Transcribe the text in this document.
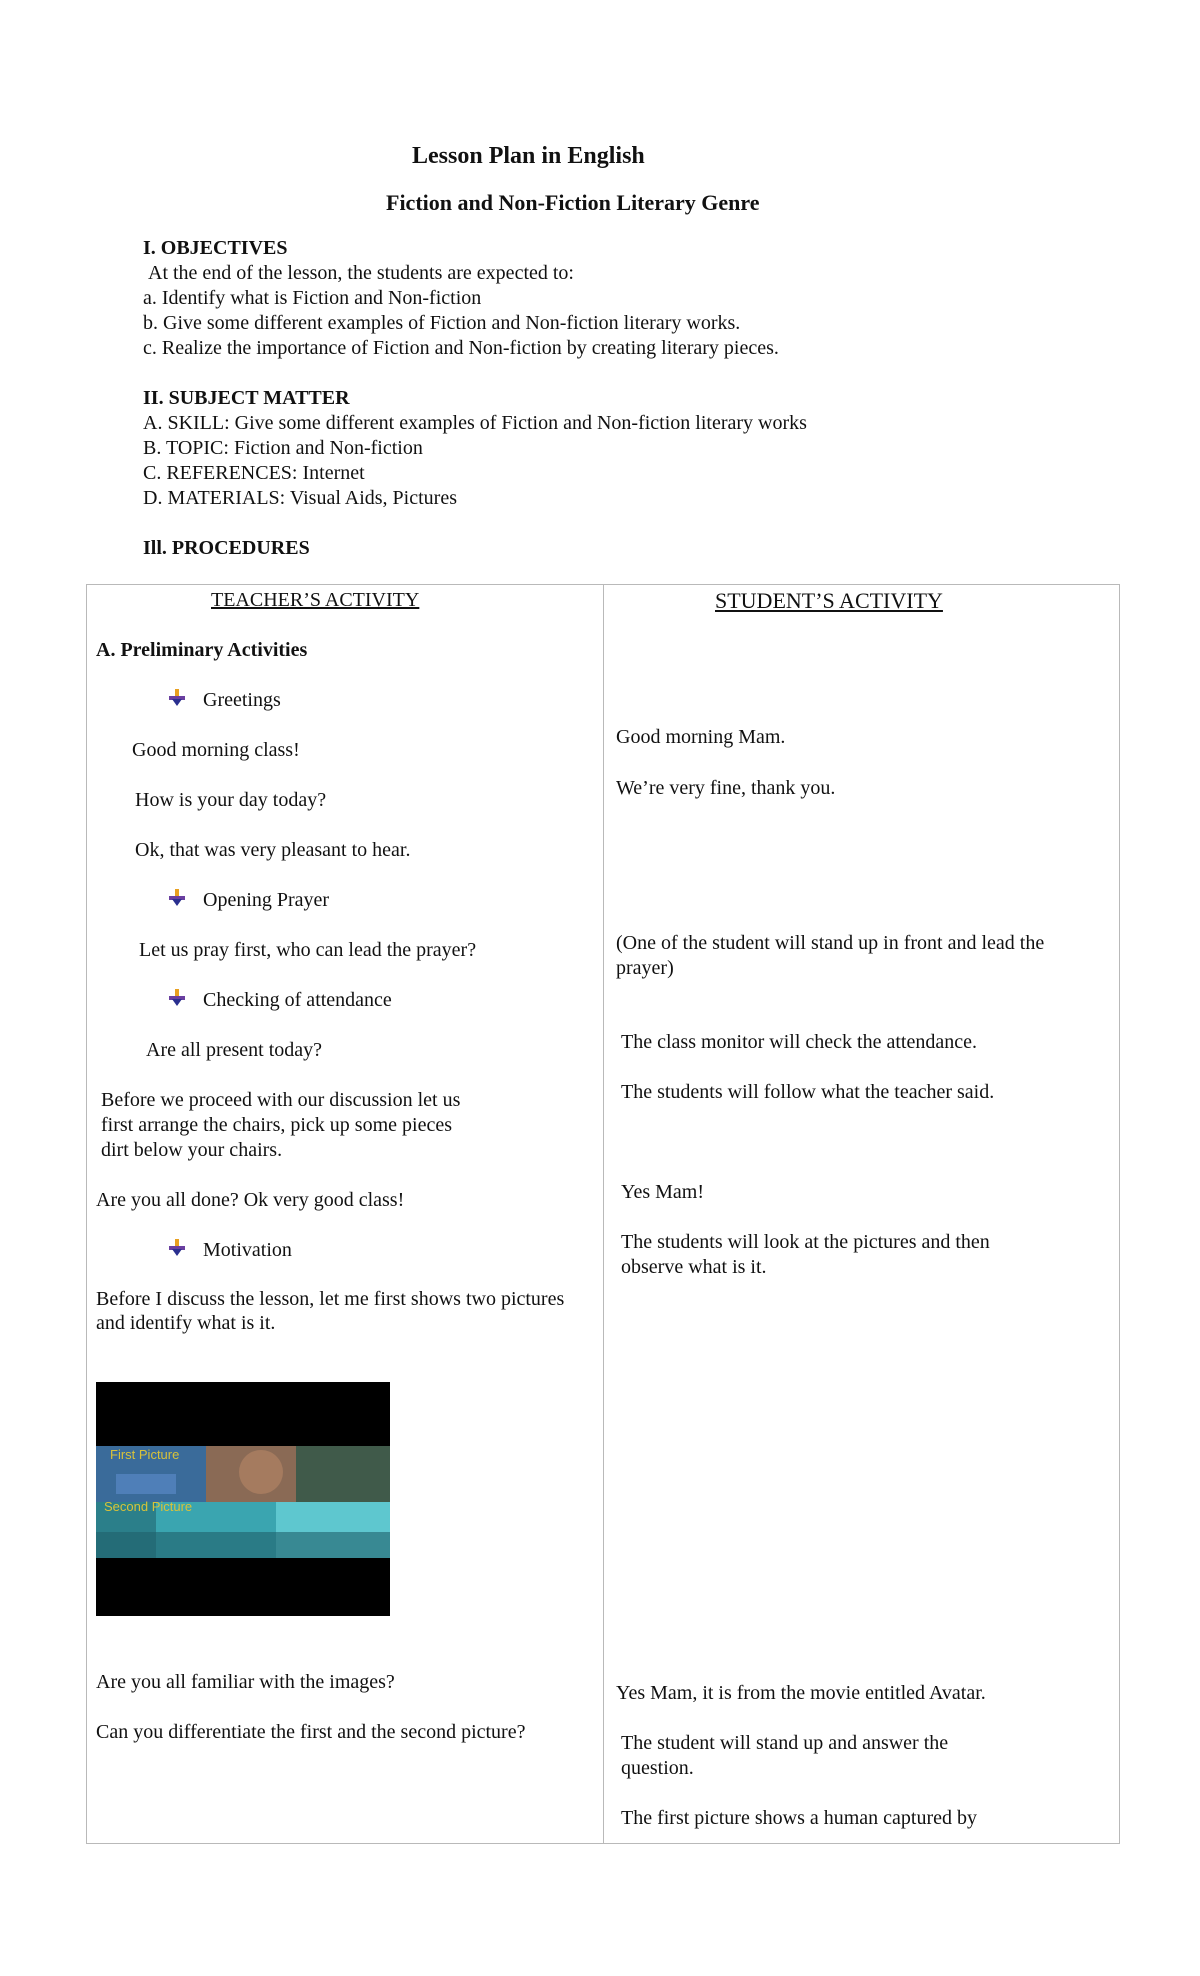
Lesson Plan in English
Fiction and Non-Fiction Literary Genre
I. OBJECTIVES
At the end of the lesson, the students are expected to:
a. Identify what is Fiction and Non-fiction
b. Give some different examples of Fiction and Non-fiction literary works.
c. Realize the importance of Fiction and Non-fiction by creating literary pieces.
II. SUBJECT MATTER
A. SKILL: Give some different examples of Fiction and Non-fiction literary works
B. TOPIC: Fiction and Non-fiction
C. REFERENCES: Internet
D. MATERIALS: Visual Aids, Pictures
Ill. PROCEDURES
TEACHER’S ACTIVITY	STUDENT’S ACTIVITY
A. Preliminary Activities
Greetings
Good morning class!
How is your day today?
Ok, that was very pleasant to hear.
Opening Prayer
Let us pray first, who can lead the prayer?
Checking of attendance
Are all present today?
Before we proceed with our discussion let us
first arrange the chairs, pick up some pieces
dirt below your chairs.
Are you all done? Ok very good class!
Motivation
Before I discuss the lesson, let me first shows two pictures
and identify what is it.
First Picture
Second Picture
Are you all familiar with the images?
Can you differentiate the first and the second picture?
Good morning Mam.
We’re very fine, thank you.
(One of the student will stand up in front and lead the
prayer)
The class monitor will check the attendance.
The students will follow what the teacher said.
Yes Mam!
The students will look at the pictures and then
observe what is it.
Yes Mam, it is from the movie entitled Avatar.
The student will stand up and answer the
question.
The first picture shows a human captured by
